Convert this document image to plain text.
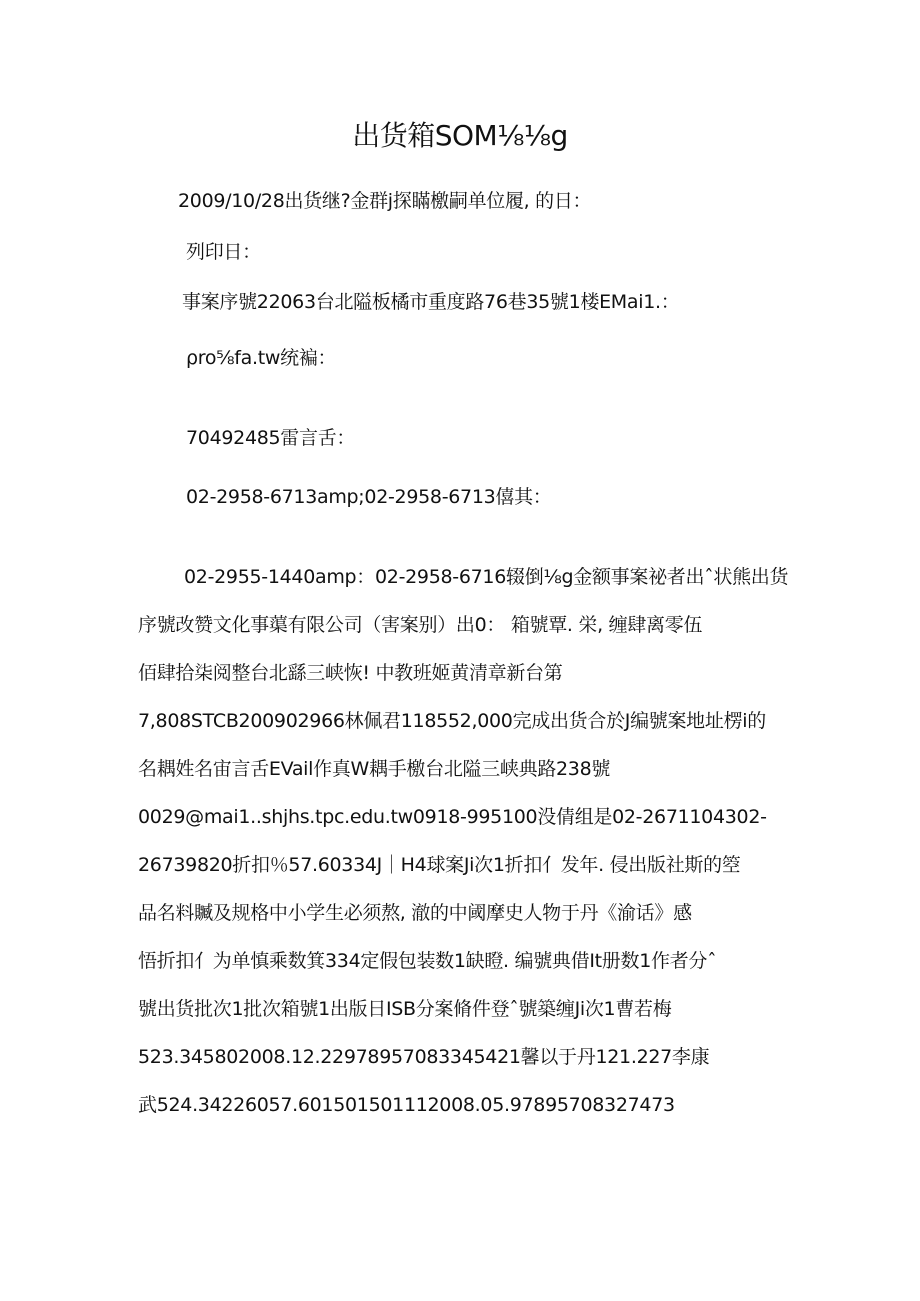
出货箱SOM⅛⅛g
2009/10/28出货继?金群j探瞞檄嗣单位履, 的日：
列印日：
事案序號22063台北隘板橘市重度路76巷35號1楼EMai1.：
ρro⅝fa.tw统褊：
70492485雷言舌：
02-2958-6713amp;02-2958-6713僖其：
02-2955-1440amp：02-2958-6716辍倒⅛g金额事案祕者出ˆ状熊出货
序號改赞文化事蕖有限公司（害案别）出0： 箱號覃. 栄, 缠肆离零伍
佰肆拾柒阅整台北繇三峡恢! 中教班姬黄清章新台第
7,808STCB200902966林佩君118552,000完成出货合於J编號案地址楞i的
名耦姓名宙言舌EVail作真W耦手檄台北隘三峡典路238號
0029@mai1..shjhs.tpc.edu.tw0918-995100没倩组是02-2671104302-
26739820折扣％57.60334J｜H4球案Ji次1折扣亻发年. 侵出版社斯的箜
品名料贓及规格中小学生必须熬, 澈的中阈摩史人物于丹《渝话》感
悟折扣亻为单慎乘数箕334定假包装数1缺瞪. 编號典借It册数1作者分ˆ
號出货批次1批次箱號1出版日ISB分案脩件登ˆ號築缠Ji次1曹若梅
523.345802008.12.22978957083345421馨以于丹121.227李康
武524.34226057.601501501112008.05.97895708327473
